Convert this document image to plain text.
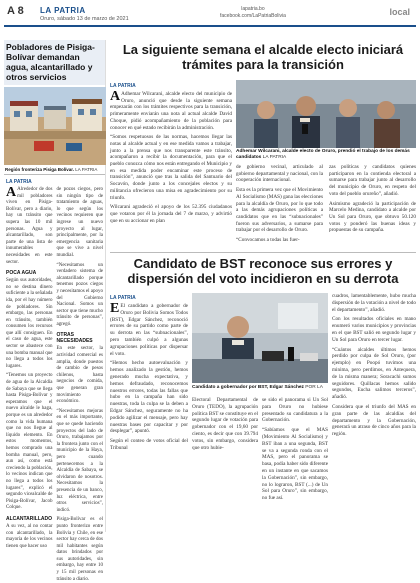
A 8 LA PATRIA
Oruro, sábado 13 de marzo de 2021
lapatria.bo
facebook.com/LaPatriaBolivia	local
Pobladores de Pisiga-Bolívar demandan agua, alcantarillado y otros servicios
Región fronteriza Pisiga Bolívar. LA PATRIA
LA PATRIA

A Alrededor de dos mil pobladores viven en Pisiga-Bolívar, pero a diario, hay un tránsito que supera las 10 mil personas. Agua y alcantarillado, son parte de una lista de innumerables necesidades en este sector.

POCA AGUA

Según sus autoridades, no se destina dinero suficiente a la señalada ida, por el hay número de pobladores. Sin embargo, las personas en tránsito, también consumen los recursos que allí consiguen. En el caso de agua, este sector se abastece con una bomba manual que no llega a todos los lugares.

“Tenemos un proyecto de agua de la Alcaldía de Sabaya que se llega hasta Pisiga-Bolívar y esperamos que el nuevo alcalde le haga, porque es un alrededor como la vida humana que no nos llegue al líquido elemento. En estos momentos, hemos comprado una bomba manual, pero, aun así, como está creciendo la población, lo vecinos indican que no llega a todos los lugares”, explicó el segundo vicealcalde de Pisiga-Bolívar, Jacob Colque.

ALCANTARILLADO

A su vez, al no contar con alcantarillado, la mayoría de los vecinos tienen que hacer uso

de pozos ciegos, pero sin ningún tipo de tratamiento de aguas, lo que según los vecinos requieren que ingrese un nuevo proyecto al lugar, principalmente, por la emergencia sanitaria que se vive a nivel mundial.

“Necesitamos un verdadero sistema de alcantarillado porque tenemos pozos ciegos y necesitamos el apoyo del Gobierno Nacional. Somos un sector que tiene mucho tránsito de personas”, agregó.

OTRAS NECESIDADES

En este sector, la actividad comercial es amplia, donde puestos de cambio de pesos chilenos, hasta negocios de comida, que generan gran movimiento económico.

“Necesitamos mejoras en el más importante, que se quede haciendo proyectos del lado de Oruro, trabajamos por la frontera junto con el municipio de la Haya, pero cuando pertenecemos a la Alcaldía de Sabaya, se olvidaron de nosotros. Necesitamos la presencia de un banco, luz eléctrica, entre otros servicios”, indicó.

Pisiga-Bolívar es el punto fronterizo entre Bolivia y Chile, en ese sector hay cerca de dos mil habitantes según datos brindados por sus autoridades, sin embargo, hay entre 10 y 15 mil personas en tránsito a diario.

La siguiente semana el alcalde electo iniciará trámites para la transición
LA PATRIA

A Adhemar Wilcarani, alcalde electo del municipio de Oruro, anunció que desde la siguiente semana empezarán con los trámites respectivos para la transición, primeramente enviarán una nota al actual alcalde David Choque, pidió acompañamiento de la población para conocer en qué estado recibirán la administración.

“Somos respetuosos de las normas, hacemos llegar las notas al alcalde actual y en ese medida vamos a trabajar, junto a la prensa que nos transparente este tránsito, acompañaron a recibir la documentación, para que el pueblo conozca cómo nos están entregando el Municipio y en esa medida poder encaminar este proceso de transición”, anunció que tras la salida del Santuario del Socavón, donde junto a los concejales electos y su militancia ofrecieron una misa en agradecimiento por su triunfo.

Wilcarani agradeció el apoyo de los 52.395 ciudadanos que votaron por él la jornada del 7 de marzo, y advirtió que en su accionar en plan

Adhemar Wilcarani, alcalde electo de Oruro, prendió el trabajo de los demás candidatos LA PATRIA

de gobierno vecinal, articulado al gobierno departamental y nacional, con la cooperación internacional.

Esta es la primera vez que el Movimiento Al Socialismo (MAS) gana las elecciones para la alcaldía de Oruro, por lo que todo a las demás agrupaciones políticas a candidatos que en las “subnacionales” fueron sus adversarios, a sumarse para trabajar por el desarrollo de Oruro.

“Convocamos a todas las fuer-

zas políticas y candidatos quienes participaron en la contienda electoral a sumarse para trabajar junto al desarrollo del municipio de Oruro, en respeto del voto del pueblo orureño”, añadió.

Asimismo agradeció la participación de Marcelo Medina, candidato a alcalde por Un Sol para Oruro, que obtuvo 50.120 votos y ponderó las buenas ideas y propuestas de su campaña.

Candidato de BST reconoce sus errores y dispersión del voto incidieron en su derrota
LA PATRIA

E El candidato a gobernador de Oruro por Bolivia Somos Todos (BST), Edgar Sánchez, reconoció errores de su partido como parte de su derrota en las “subnacionales”, pero también culpó a algunas agrupaciones políticas por dispersar el voto.

“Hemos hecho autoevaluación y hemos analizado la gestión, hemos generado mucha expectativa, y hemos defraudado, reconocemos nuestros errores, todas las fallas que hubo en la campaña han sido nuestras, toda la culpa se la deben a Edgar Sánchez, seguramente no ha podido agilizar el mensaje, pero hay nuestras bases por capacitar y por desplegar”, apuntó.

Según el conteo de votos oficial del Tribunal

Candidato a gobernador por BST, Edgar Sánchez POR LA

Electoral Departamental de Oruro (TEDO), la agrupación política BST se constituye en el segundo lugar de votación para gobernador con el 19,60 por ciento, es decir que con 39.794 votos, sin embargo, considera que otro hubie-

se sido el panorama si Un Sol para Oruro no hubiese presentado su candidatura a la Gobernación.

“Sabíamos que el MAS (Movimiento Al Socialismo) y BST iban a una segunda, BST se va a segunda ronda con el MAS, pero el panorama se basa, podía haber sido diferente en un instante en que sacamos la Gobernación”, sin embargo, no lo lograron, BST (...) de Un Sol para Oruro”, sin embargo, no fue así.

cuadros, lamentablemente, hubo mucha dispersión de la votación a nivel de todo el departamento”, añadió.

Con los resultados oficiales en mano enumeró varios municipios y provincias en el que BST salió en segundo lugar y Un Sol para Oruro en tercer lugar.

“Cuántos alcaldes últimos hemos perdido por culpa de Sol Oruro, (por ejemplo) en Poopó tuvimos una minima, pero perdimos, en Antequera, de la misma manera; Soracachi sumos seguidores. Quillacas hemos salido segundos, Eucha salimos terceros”, añadió.

Considera que el triunfo del MAS en gran parte de las alcaldías del departamento y la Gobernación, generará un atraso de cinco años para la región.
